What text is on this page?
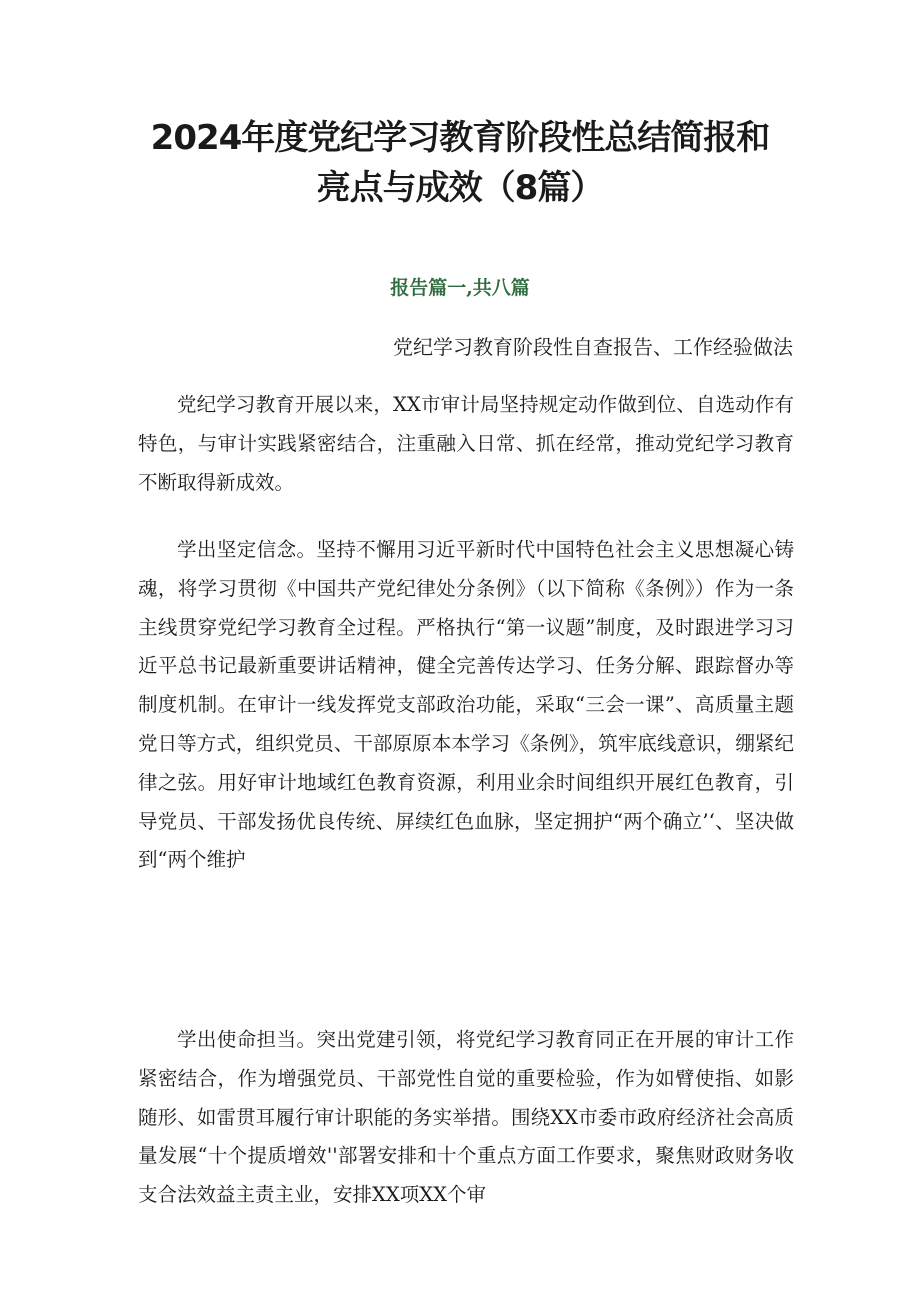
2024年度党纪学习教育阶段性总结简报和
亮点与成效（8篇）
报告篇一,共八篇
党纪学习教育阶段性自查报告、工作经验做法
党纪学习教育开展以来，XX市审计局坚持规定动作做到位、自选动作有特色，与审计实践紧密结合，注重融入日常、抓在经常，推动党纪学习教育不断取得新成效。
学出坚定信念。坚持不懈用习近平新时代中国特色社会主义思想凝心铸魂，将学习贯彻《中国共产党纪律处分条例》（以下简称《条例》）作为一条主线贯穿党纪学习教育全过程。严格执行“第一议题”制度，及时跟进学习习近平总书记最新重要讲话精神，健全完善传达学习、任务分解、跟踪督办等制度机制。在审计一线发挥党支部政治功能，采取“三会一课”、高质量主题党日等方式，组织党员、干部原原本本学习《条例》，筑牢底线意识，绷紧纪律之弦。用好审计地域红色教育资源，利用业余时间组织开展红色教育，引导党员、干部发扬优良传统、屏续红色血脉，坚定拥护“两个确立’‘、坚决做到“两个维护
学出使命担当。突出党建引领，将党纪学习教育同正在开展的审计工作紧密结合，作为增强党员、干部党性自觉的重要检验，作为如臂使指、如影随形、如雷贯耳履行审计职能的务实举措。围绕XX市委市政府经济社会高质量发展“十个提质增效''部署安排和十个重点方面工作要求，聚焦财政财务收支合法效益主责主业，安排XX项XX个审
